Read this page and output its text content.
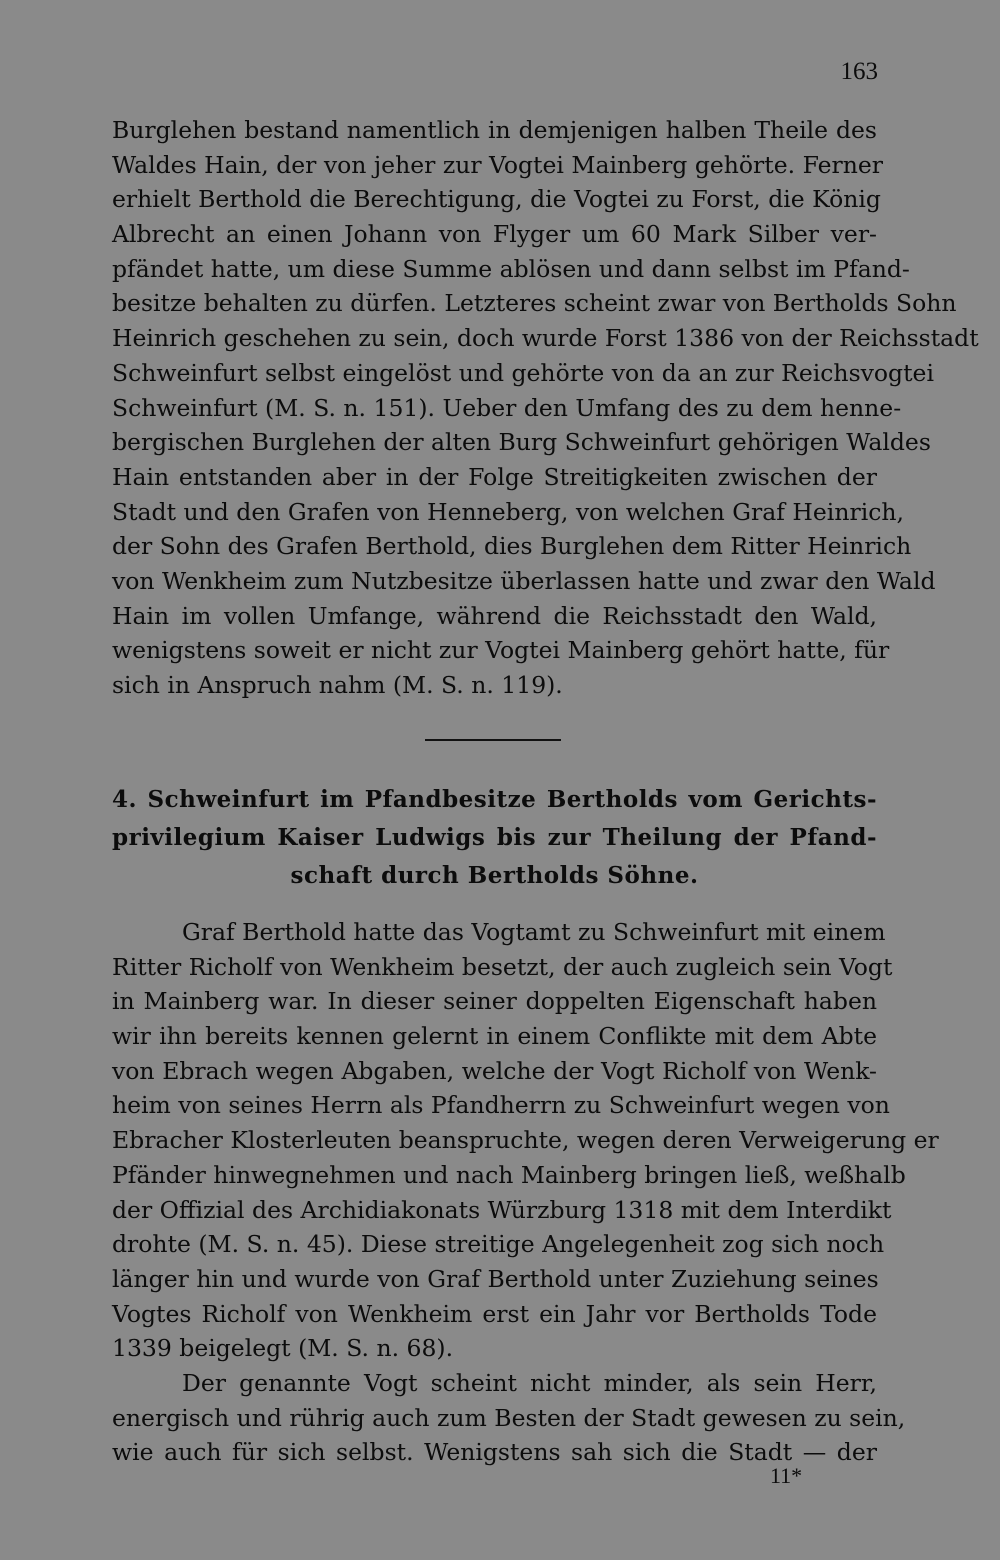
163
Burglehen bestand namentlich in demjenigen halben Theile des
Waldes Hain, der von jeher zur Vogtei Mainberg gehörte. Ferner
erhielt Berthold die Berechtigung, die Vogtei zu Forst, die König
Albrecht an einen Johann von Flyger um 60 Mark Silber ver-
pfändet hatte, um diese Summe ablösen und dann selbst im Pfand-
besitze behalten zu dürfen. Letzteres scheint zwar von Bertholds Sohn
Heinrich geschehen zu sein, doch wurde Forst 1386 von der Reichsstadt
Schweinfurt selbst eingelöst und gehörte von da an zur Reichsvogtei
Schweinfurt (M. S. n. 151). Ueber den Umfang des zu dem henne-
bergischen Burglehen der alten Burg Schweinfurt gehörigen Waldes
Hain entstanden aber in der Folge Streitigkeiten zwischen der
Stadt und den Grafen von Henneberg, von welchen Graf Heinrich,
der Sohn des Grafen Berthold, dies Burglehen dem Ritter Heinrich
von Wenkheim zum Nutzbesitze überlassen hatte und zwar den Wald
Hain im vollen Umfange, während die Reichsstadt den Wald,
wenigstens soweit er nicht zur Vogtei Mainberg gehört hatte, für
sich in Anspruch nahm (M. S. n. 119).
4. Schweinfurt im Pfandbesitze Bertholds vom Gerichts-
privilegium Kaiser Ludwigs bis zur Theilung der Pfand-
schaft durch Bertholds Söhne.
Graf Berthold hatte das Vogtamt zu Schweinfurt mit einem
Ritter Richolf von Wenkheim besetzt, der auch zugleich sein Vogt
in Mainberg war. In dieser seiner doppelten Eigenschaft haben
wir ihn bereits kennen gelernt in einem Conflikte mit dem Abte
von Ebrach wegen Abgaben, welche der Vogt Richolf von Wenk-
heim von seines Herrn als Pfandherrn zu Schweinfurt wegen von
Ebracher Klosterleuten beanspruchte, wegen deren Verweigerung er
Pfänder hinwegnehmen und nach Mainberg bringen ließ, weßhalb
der Offizial des Archidiakonats Würzburg 1318 mit dem Interdikt
drohte (M. S. n. 45). Diese streitige Angelegenheit zog sich noch
länger hin und wurde von Graf Berthold unter Zuziehung seines
Vogtes Richolf von Wenkheim erst ein Jahr vor Bertholds Tode
1339 beigelegt (M. S. n. 68).
Der genannte Vogt scheint nicht minder, als sein Herr,
energisch und rührig auch zum Besten der Stadt gewesen zu sein,
wie auch für sich selbst. Wenigstens sah sich die Stadt — der
11*
